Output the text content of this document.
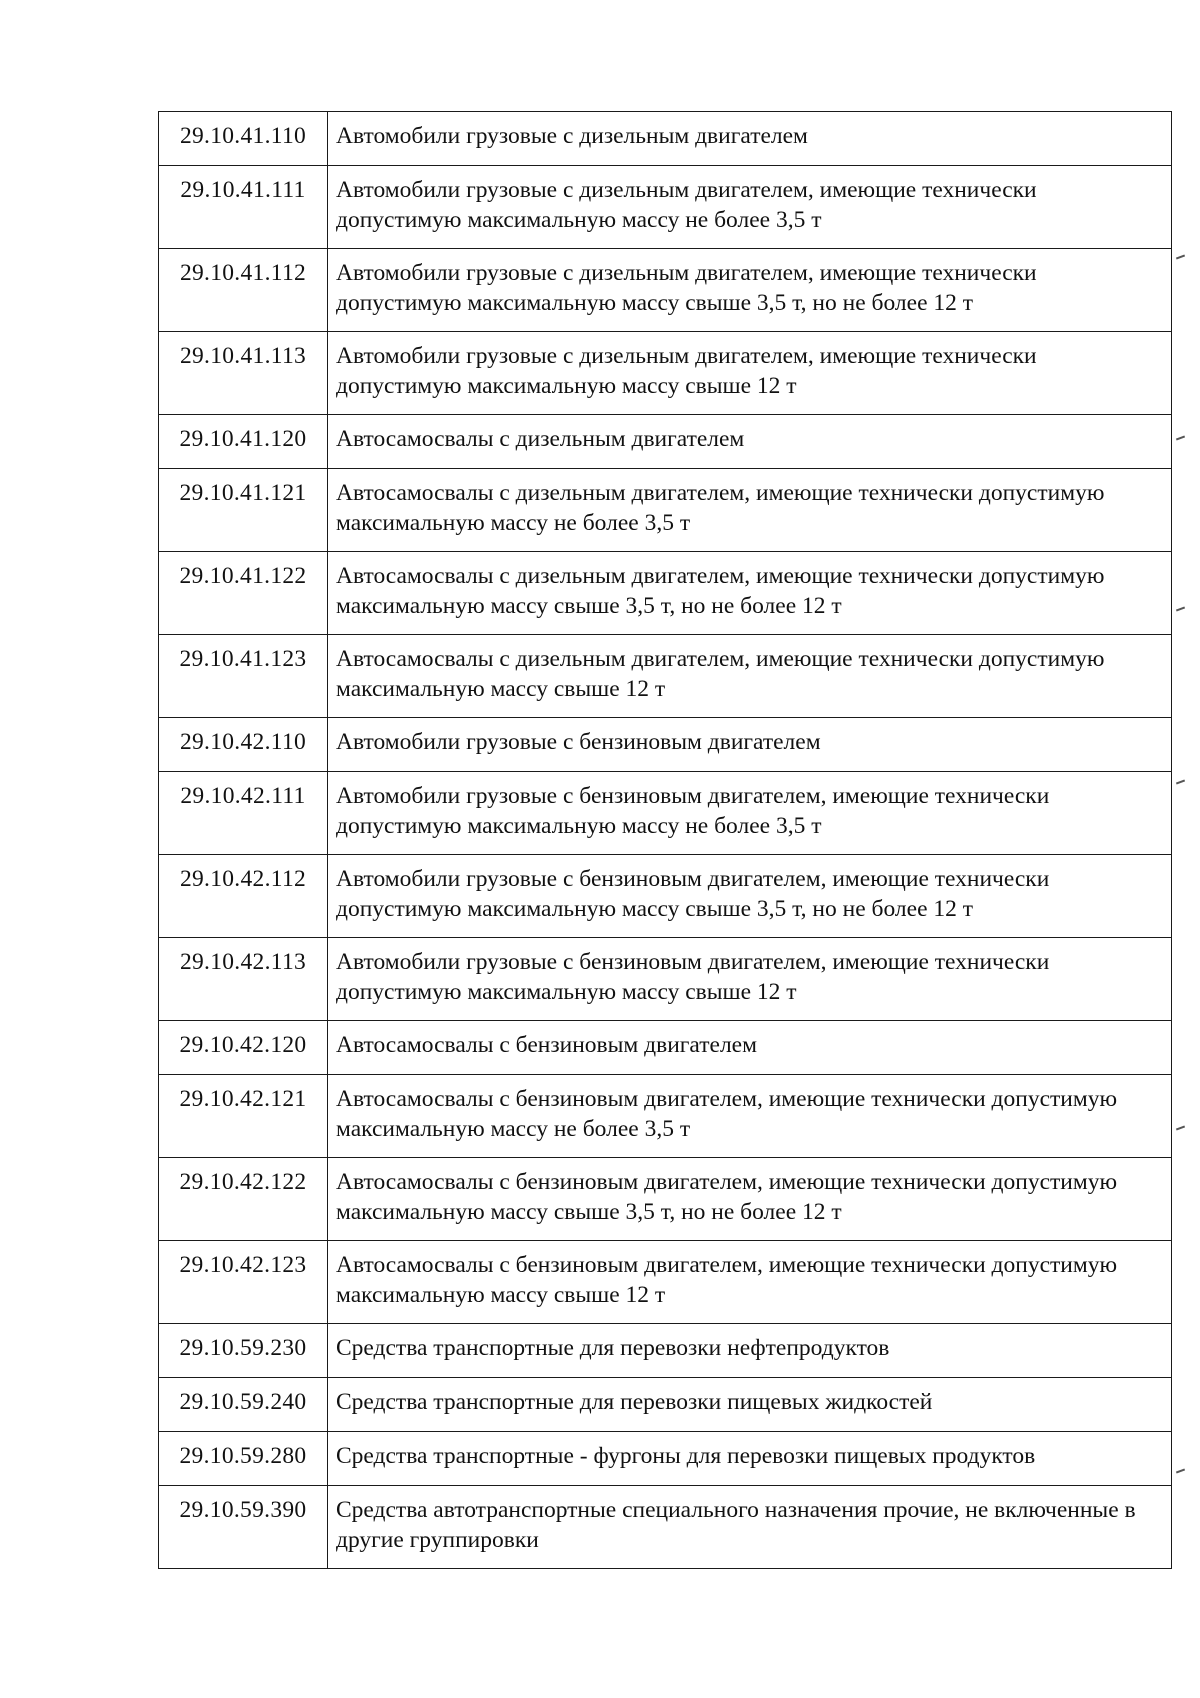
29.10.41.110	Автомобили грузовые с дизельным двигателем
29.10.41.111	Автомобили грузовые с дизельным двигателем, имеющие технически допустимую максимальную массу не более 3,5 т
29.10.41.112	Автомобили грузовые с дизельным двигателем, имеющие технически допустимую максимальную массу свыше 3,5 т, но не более 12 т
29.10.41.113	Автомобили грузовые с дизельным двигателем, имеющие технически допустимую максимальную массу свыше 12 т
29.10.41.120	Автосамосвалы с дизельным двигателем
29.10.41.121	Автосамосвалы с дизельным двигателем, имеющие технически допустимую максимальную массу не более 3,5 т
29.10.41.122	Автосамосвалы с дизельным двигателем, имеющие технически допустимую максимальную массу свыше 3,5 т, но не более 12 т
29.10.41.123	Автосамосвалы с дизельным двигателем, имеющие технически допустимую максимальную массу свыше 12 т
29.10.42.110	Автомобили грузовые с бензиновым двигателем
29.10.42.111	Автомобили грузовые с бензиновым двигателем, имеющие технически допустимую максимальную массу не более 3,5 т
29.10.42.112	Автомобили грузовые с бензиновым двигателем, имеющие технически допустимую максимальную массу свыше 3,5 т, но не более 12 т
29.10.42.113	Автомобили грузовые с бензиновым двигателем, имеющие технически допустимую максимальную массу свыше 12 т
29.10.42.120	Автосамосвалы с бензиновым двигателем
29.10.42.121	Автосамосвалы с бензиновым двигателем, имеющие технически допустимую максимальную массу не более 3,5 т
29.10.42.122	Автосамосвалы с бензиновым двигателем, имеющие технически допустимую максимальную массу свыше 3,5 т, но не более 12 т
29.10.42.123	Автосамосвалы с бензиновым двигателем, имеющие технически допустимую максимальную массу свыше 12 т
29.10.59.230	Средства транспортные для перевозки нефтепродуктов
29.10.59.240	Средства транспортные для перевозки пищевых жидкостей
29.10.59.280	Средства транспортные - фургоны для перевозки пищевых продуктов
29.10.59.390	Средства автотранспортные специального назначения прочие, не включенные в другие группировки
